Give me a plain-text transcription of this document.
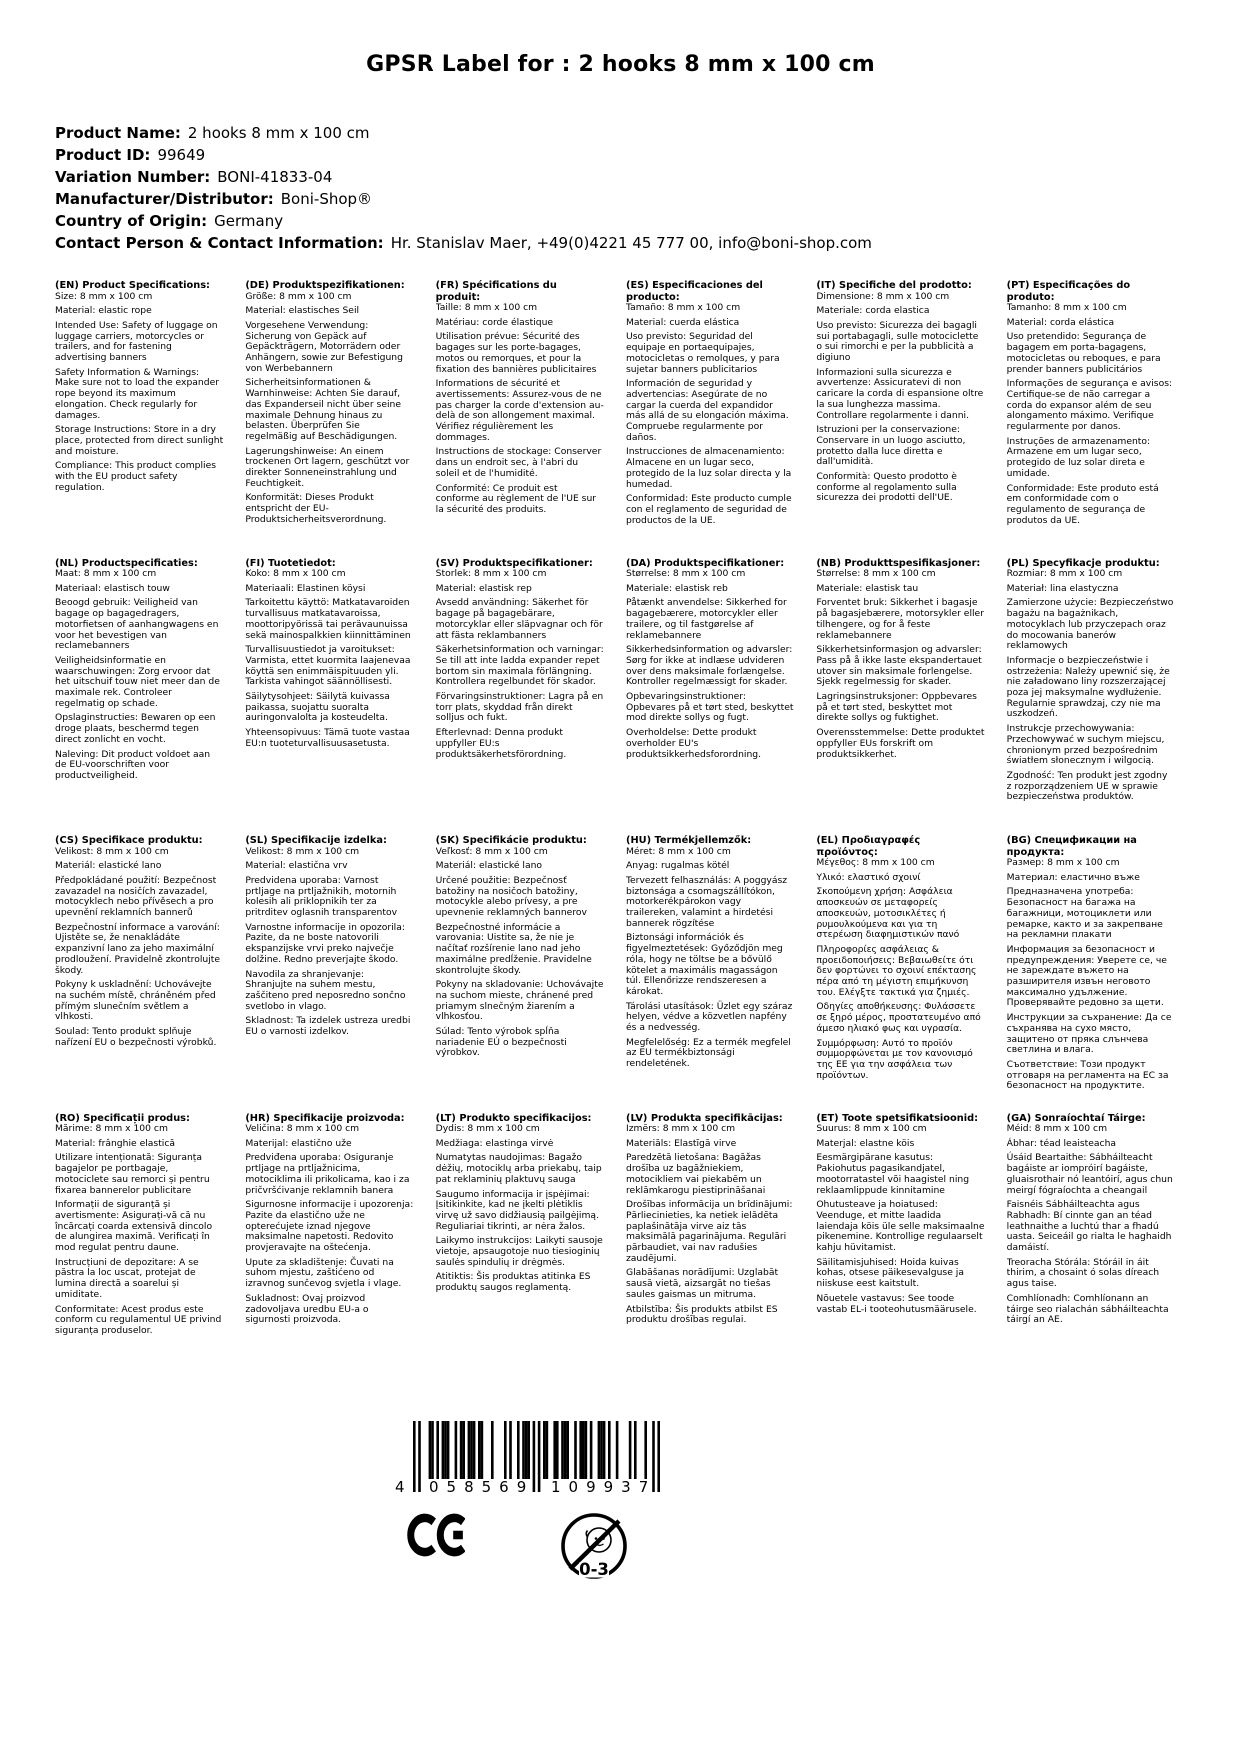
GPSR Label for : 2 hooks 8 mm x 100 cm
Product Name: 2 hooks 8 mm x 100 cm
Product ID: 99649
Variation Number: BONI-41833-04
Manufacturer/Distributor: Boni-Shop®
Country of Origin: Germany
Contact Person & Contact Information: Hr. Stanislav Maer, +49(0)4221 45 777 00, info@boni-shop.com
(EN) Product Specifications:

Size: 8 mm x 100 cm

Material: elastic rope

Intended Use: Safety of luggage on luggage carriers, motorcycles or trailers, and for fastening advertising banners

Safety Information & Warnings: Make sure not to load the expander rope beyond its maximum elongation. Check regularly for damages.

Storage Instructions: Store in a dry place, protected from direct sunlight and moisture.

Compliance: This product complies with the EU product safety regulation.

(DE) Produktspezifikationen:

Größe: 8 mm x 100 cm

Material: elastisches Seil

Vorgesehene Verwendung: Sicherung von Gepäck auf Gepäckträgern, Motorrädern oder Anhängern, sowie zur Befestigung von Werbebannern

Sicherheitsinformationen & Warnhinweise: Achten Sie darauf, das Expanderseil nicht über seine maximale Dehnung hinaus zu belasten. Überprüfen Sie regelmäßig auf Beschädigungen.

Lagerungshinweise: An einem trockenen Ort lagern, geschützt vor direkter Sonneneinstrahlung und Feuchtigkeit.

Konformität: Dieses Produkt entspricht der EU-Produktsicherheitsverordnung.

(FR) Spécifications du produit:

Taille: 8 mm x 100 cm

Matériau: corde élastique

Utilisation prévue: Sécurité des bagages sur les porte-bagages, motos ou remorques, et pour la fixation des bannières publicitaires

Informations de sécurité et avertissements: Assurez-vous de ne pas charger la corde d'extension au-delà de son allongement maximal. Vérifiez régulièrement les dommages.

Instructions de stockage: Conserver dans un endroit sec, à l'abri du soleil et de l'humidité.

Conformité: Ce produit est conforme au règlement de l'UE sur la sécurité des produits.

(ES) Especificaciones del producto:

Tamaño: 8 mm x 100 cm

Material: cuerda elástica

Uso previsto: Seguridad del equipaje en portaequipajes, motocicletas o remolques, y para sujetar banners publicitarios

Información de seguridad y advertencias: Asegúrate de no cargar la cuerda del expandidor más allá de su elongación máxima. Compruebe regularmente por daños.

Instrucciones de almacenamiento: Almacene en un lugar seco, protegido de la luz solar directa y la humedad.

Conformidad: Este producto cumple con el reglamento de seguridad de productos de la UE.

(IT) Specifiche del prodotto:

Dimensione: 8 mm x 100 cm

Materiale: corda elastica

Uso previsto: Sicurezza dei bagagli sui portabagagli, sulle motociclette o sui rimorchi e per la pubblicità a digiuno

Informazioni sulla sicurezza e avvertenze: Assicuratevi di non caricare la corda di espansione oltre la sua lunghezza massima. Controllare regolarmente i danni.

Istruzioni per la conservazione: Conservare in un luogo asciutto, protetto dalla luce diretta e dall'umidità.

Conformità: Questo prodotto è conforme al regolamento sulla sicurezza dei prodotti dell'UE.

(PT) Especificações do produto:

Tamanho: 8 mm x 100 cm

Material: corda elástica

Uso pretendido: Segurança de bagagem em porta-bagagens, motocicletas ou reboques, e para prender banners publicitários

Informações de segurança e avisos: Certifique-se de não carregar a corda do expansor além de seu alongamento máximo. Verifique regularmente por danos.

Instruções de armazenamento: Armazene em um lugar seco, protegido de luz solar direta e umidade.

Conformidade: Este produto está em conformidade com o regulamento de segurança de produtos da UE.

(NL) Productspecificaties:

Maat: 8 mm x 100 cm

Materiaal: elastisch touw

Beoogd gebruik: Veiligheid van bagage op bagagedragers, motorfietsen of aanhangwagens en voor het bevestigen van reclamebanners

Veiligheidsinformatie en waarschuwingen: Zorg ervoor dat het uitschuif touw niet meer dan de maximale rek. Controleer regelmatig op schade.

Opslaginstructies: Bewaren op een droge plaats, beschermd tegen direct zonlicht en vocht.

Naleving: Dit product voldoet aan de EU-voorschriften voor productveiligheid.

(FI) Tuotetiedot:

Koko: 8 mm x 100 cm

Materiaali: Elastinen köysi

Tarkoitettu käyttö: Matkatavaroiden turvallisuus matkatavaroissa, moottoripyörissä tai perävaunuissa sekä mainospalkkien kiinnittäminen

Turvallisuustiedot ja varoitukset: Varmista, ettet kuormita laajenevaa köyttä sen enimmäispituuden yli. Tarkista vahingot säännöllisesti.

Säilytysohjeet: Säilytä kuivassa paikassa, suojattu suoralta auringonvalolta ja kosteudelta.

Yhteensopivuus: Tämä tuote vastaa EU:n tuoteturvallisuusasetusta.

(SV) Produktspecifikationer:

Storlek: 8 mm x 100 cm

Material: elastisk rep

Avsedd användning: Säkerhet för bagage på bagagebärare, motorcyklar eller släpvagnar och för att fästa reklambanners

Säkerhetsinformation och varningar: Se till att inte ladda expander repet bortom sin maximala förlängning. Kontrollera regelbundet för skador.

Förvaringsinstruktioner: Lagra på en torr plats, skyddad från direkt solljus och fukt.

Efterlevnad: Denna produkt uppfyller EU:s produktsäkerhetsförordning.

(DA) Produktspecifikationer:

Størrelse: 8 mm x 100 cm

Materiale: elastisk reb

Påtænkt anvendelse: Sikkerhed for bagagebærere, motorcykler eller trailere, og til fastgørelse af reklamebannere

Sikkerhedsinformation og advarsler: Sørg for ikke at indlæse udvideren over dens maksimale forlængelse. Kontroller regelmæssigt for skader.

Opbevaringsinstruktioner: Opbevares på et tørt sted, beskyttet mod direkte sollys og fugt.

Overholdelse: Dette produkt overholder EU's produktsikkerhedsforordning.

(NB) Produkttspesifikasjoner:

Størrelse: 8 mm x 100 cm

Materiale: elastisk tau

Forventet bruk: Sikkerhet i bagasje på bagasjebærere, motorsykler eller tilhengere, og for å feste reklamebannere

Sikkerhetsinformasjon og advarsler: Pass på å ikke laste ekspandertauet utover sin maksimale forlengelse. Sjekk regelmessig for skader.

Lagringsinstruksjoner: Oppbevares på et tørt sted, beskyttet mot direkte sollys og fuktighet.

Overensstemmelse: Dette produktet oppfyller EUs forskrift om produktsikkerhet.

(PL) Specyfikacje produktu:

Rozmiar: 8 mm x 100 cm

Materiał: lina elastyczna

Zamierzone użycie: Bezpieczeństwo bagażu na bagażnikach, motocyklach lub przyczepach oraz do mocowania banerów reklamowych

Informacje o bezpieczeństwie i ostrzeżenia: Należy upewnić się, że nie załadowano liny rozszerzającej poza jej maksymalne wydłużenie. Regularnie sprawdzaj, czy nie ma uszkodzeń.

Instrukcje przechowywania: Przechowywać w suchym miejscu, chronionym przed bezpośrednim światłem słonecznym i wilgocią.

Zgodność: Ten produkt jest zgodny z rozporządzeniem UE w sprawie bezpieczeństwa produktów.

(CS) Specifikace produktu:

Velikost: 8 mm x 100 cm

Materiál: elastické lano

Předpokládané použití: Bezpečnost zavazadel na nosičích zavazadel, motocyklech nebo přívěsech a pro upevnění reklamních bannerů

Bezpečnostní informace a varování: Ujistěte se, že nenakládáte expanzivní lano za jeho maximální prodloužení. Pravidelně zkontrolujte škody.

Pokyny k uskladnění: Uchovávejte na suchém místě, chráněném před přímým slunečním světlem a vlhkosti.

Soulad: Tento produkt splňuje nařízení EU o bezpečnosti výrobků.

(SL) Specifikacije izdelka:

Velikost: 8 mm x 100 cm

Material: elastična vrv

Predvidena uporaba: Varnost prtljage na prtljažnikih, motornih kolesih ali priklopnikih ter za pritrditev oglasnih transparentov

Varnostne informacije in opozorila: Pazite, da ne boste natovorili ekspanzijske vrvi preko največje dolžine. Redno preverjajte škodo.

Navodila za shranjevanje: Shranjujte na suhem mestu, zaščiteno pred neposredno sončno svetlobo in vlago.

Skladnost: Ta izdelek ustreza uredbi EU o varnosti izdelkov.

(SK) Špecifikácie produktu:

Veľkosť: 8 mm x 100 cm

Materiál: elastické lano

Určené použitie: Bezpečnosť batožiny na nosičoch batožiny, motocykle alebo prívesy, a pre upevnenie reklamných bannerov

Bezpečnostné informácie a varovania: Uistite sa, že nie je načítať rozšírenie lano nad jeho maximálne predĺženie. Pravidelne skontrolujte škody.

Pokyny na skladovanie: Uchovávajte na suchom mieste, chránené pred priamym slnečným žiarením a vlhkosťou.

Súlad: Tento výrobok spĺňa nariadenie EÚ o bezpečnosti výrobkov.

(HU) Termékjellemzők:

Méret: 8 mm x 100 cm

Anyag: rugalmas kötél

Tervezett felhasználás: A poggyász biztonsága a csomagszállítókon, motorkerékpárokon vagy trailereken, valamint a hirdetési bannerek rögzítése

Biztonsági információk és figyelmeztetések: Győződjön meg róla, hogy ne töltse be a bővülő kötelet a maximális magasságon túl. Ellenőrizze rendszeresen a károkat.

Tárolási utasítások: Üzlet egy száraz helyen, védve a közvetlen napfény és a nedvesség.

Megfelelőség: Ez a termék megfelel az EU termékbiztonsági rendeletének.

(EL) Προδιαγραφές προϊόντος:

Μέγεθος: 8 mm x 100 cm

Υλικό: ελαστικό σχοινί

Σκοπούμενη χρήση: Ασφάλεια αποσκευών σε μεταφορείς αποσκευών, μοτοσικλέτες ή ρυμουλκούμενα και για τη στερέωση διαφημιστικών πανό

Πληροφορίες ασφάλειας & προειδοποιήσεις: Βεβαιωθείτε ότι δεν φορτώνει το σχοινί επέκτασης πέρα από τη μέγιστη επιμήκυνση του. Ελέγξτε τακτικά για ζημιές.

Οδηγίες αποθήκευσης: Φυλάσσετε σε ξηρό μέρος, προστατευμένο από άμεσο ηλιακό φως και υγρασία.

Συμμόρφωση: Αυτό το προϊόν συμμορφώνεται με τον κανονισμό της ΕΕ για την ασφάλεια των προϊόντων.

(BG) Спецификации на продукта:

Размер: 8 mm x 100 cm

Материал: еластично въже

Предназначена употреба: Безопасност на багажа на багажници, мотоциклети или ремарке, както и за закрепване на рекламни плакати

Информация за безопасност и предупреждения: Уверете се, че не зареждате въжето на разширителя извън неговото максимално удължение. Проверявайте редовно за щети.

Инструкции за съхранение: Да се съхранява на сухо място, защитено от пряка слънчева светлина и влага.

Съответствие: Този продукт отговаря на регламента на ЕС за безопасност на продуктите.

(RO) Specificații produs:

Mărime: 8 mm x 100 cm

Material: frânghie elastică

Utilizare intenționată: Siguranța bagajelor pe portbagaje, motociclete sau remorci și pentru fixarea bannerelor publicitare

Informații de siguranță și avertismente: Asigurați-vă că nu încărcați coarda extensivă dincolo de alungirea maximă. Verificați în mod regulat pentru daune.

Instrucțiuni de depozitare: A se păstra la loc uscat, protejat de lumina directă a soarelui și umiditate.

Conformitate: Acest produs este conform cu regulamentul UE privind siguranța produselor.

(HR) Specifikacije proizvoda:

Veličina: 8 mm x 100 cm

Materijal: elastično uže

Predviđena uporaba: Osiguranje prtljage na prtljažnicima, motociklima ili prikolicama, kao i za pričvršćivanje reklamnih banera

Sigurnosne informacije i upozorenja: Pazite da elastično uže ne opterećujete iznad njegove maksimalne napetosti. Redovito provjeravajte na oštećenja.

Upute za skladištenje: Čuvati na suhom mjestu, zaštićeno od izravnog sunčevog svjetla i vlage.

Sukladnost: Ovaj proizvod zadovoljava uredbu EU-a o sigurnosti proizvoda.

(LT) Produkto specifikacijos:

Dydis: 8 mm x 100 cm

Medžiaga: elastinga virvė

Numatytas naudojimas: Bagažo dėžių, motociklų arba priekabų, taip pat reklaminių plaktuvų sauga

Saugumo informacija ir įspėjimai: Įsitikinkite, kad ne įkelti plėtiklis virvę už savo didžiausią pailgėjimą. Reguliariai tikrinti, ar nėra žalos.

Laikymo instrukcijos: Laikyti sausoje vietoje, apsaugotoje nuo tiesioginių saulės spindulių ir drėgmės.

Atitiktis: Šis produktas atitinka ES produktų saugos reglamentą.

(LV) Produkta specifikācijas:

Izmērs: 8 mm x 100 cm

Materiāls: Elastīgā virve

Paredzētā lietošana: Bagāžas drošība uz bagāžniekiem, motocikliem vai piekabēm un reklāmkarogu piestiprināšanai

Drošības informācija un brīdinājumi: Pārliecinieties, ka netiek ielādēta paplašinātāja virve aiz tās maksimālā pagarinājuma. Regulāri pārbaudiet, vai nav radušies zaudējumi.

Glabāšanas norādījumi: Uzglabāt sausā vietā, aizsargāt no tiešas saules gaismas un mitruma.

Atbilstība: Šis produkts atbilst ES produktu drošības regulai.

(ET) Toote spetsifikatsioonid:

Suurus: 8 mm x 100 cm

Materjal: elastne köis

Eesmärgipärane kasutus: Pakiohutus pagasikandjatel, mootorratastel või haagistel ning reklaamlippude kinnitamine

Ohutusteave ja hoiatused: Veenduge, et mitte laadida laiendaja köis üle selle maksimaalne pikenemine. Kontrollige regulaarselt kahju hüvitamist.

Säilitamisjuhised: Hoida kuivas kohas, otsese päikesevalguse ja niiskuse eest kaitstult.

Nõuetele vastavus: See toode vastab EL-i tooteohutusmäärusele.

(GA) Sonraíochtaí Táirge:

Méid: 8 mm x 100 cm

Ábhar: téad leaisteacha

Úsáid Beartaithe: Sábháilteacht bagáiste ar iompróirí bagáiste, gluaisrothair nó leantóirí, agus chun meirgí fógraíochta a cheangail

Faisnéis Sábháilteachta agus Rabhadh: Bí cinnte gan an téad leathnaithe a luchtú thar a fhadú uasta. Seiceáil go rialta le haghaidh damáistí.

Treoracha Stórála: Stóráil in áit thirim, a chosaint ó solas díreach agus taise.

Comhlíonadh: Comhlíonann an táirge seo rialachán sábháilteachta táirgí an AE.

4 058569 109937
0-3
